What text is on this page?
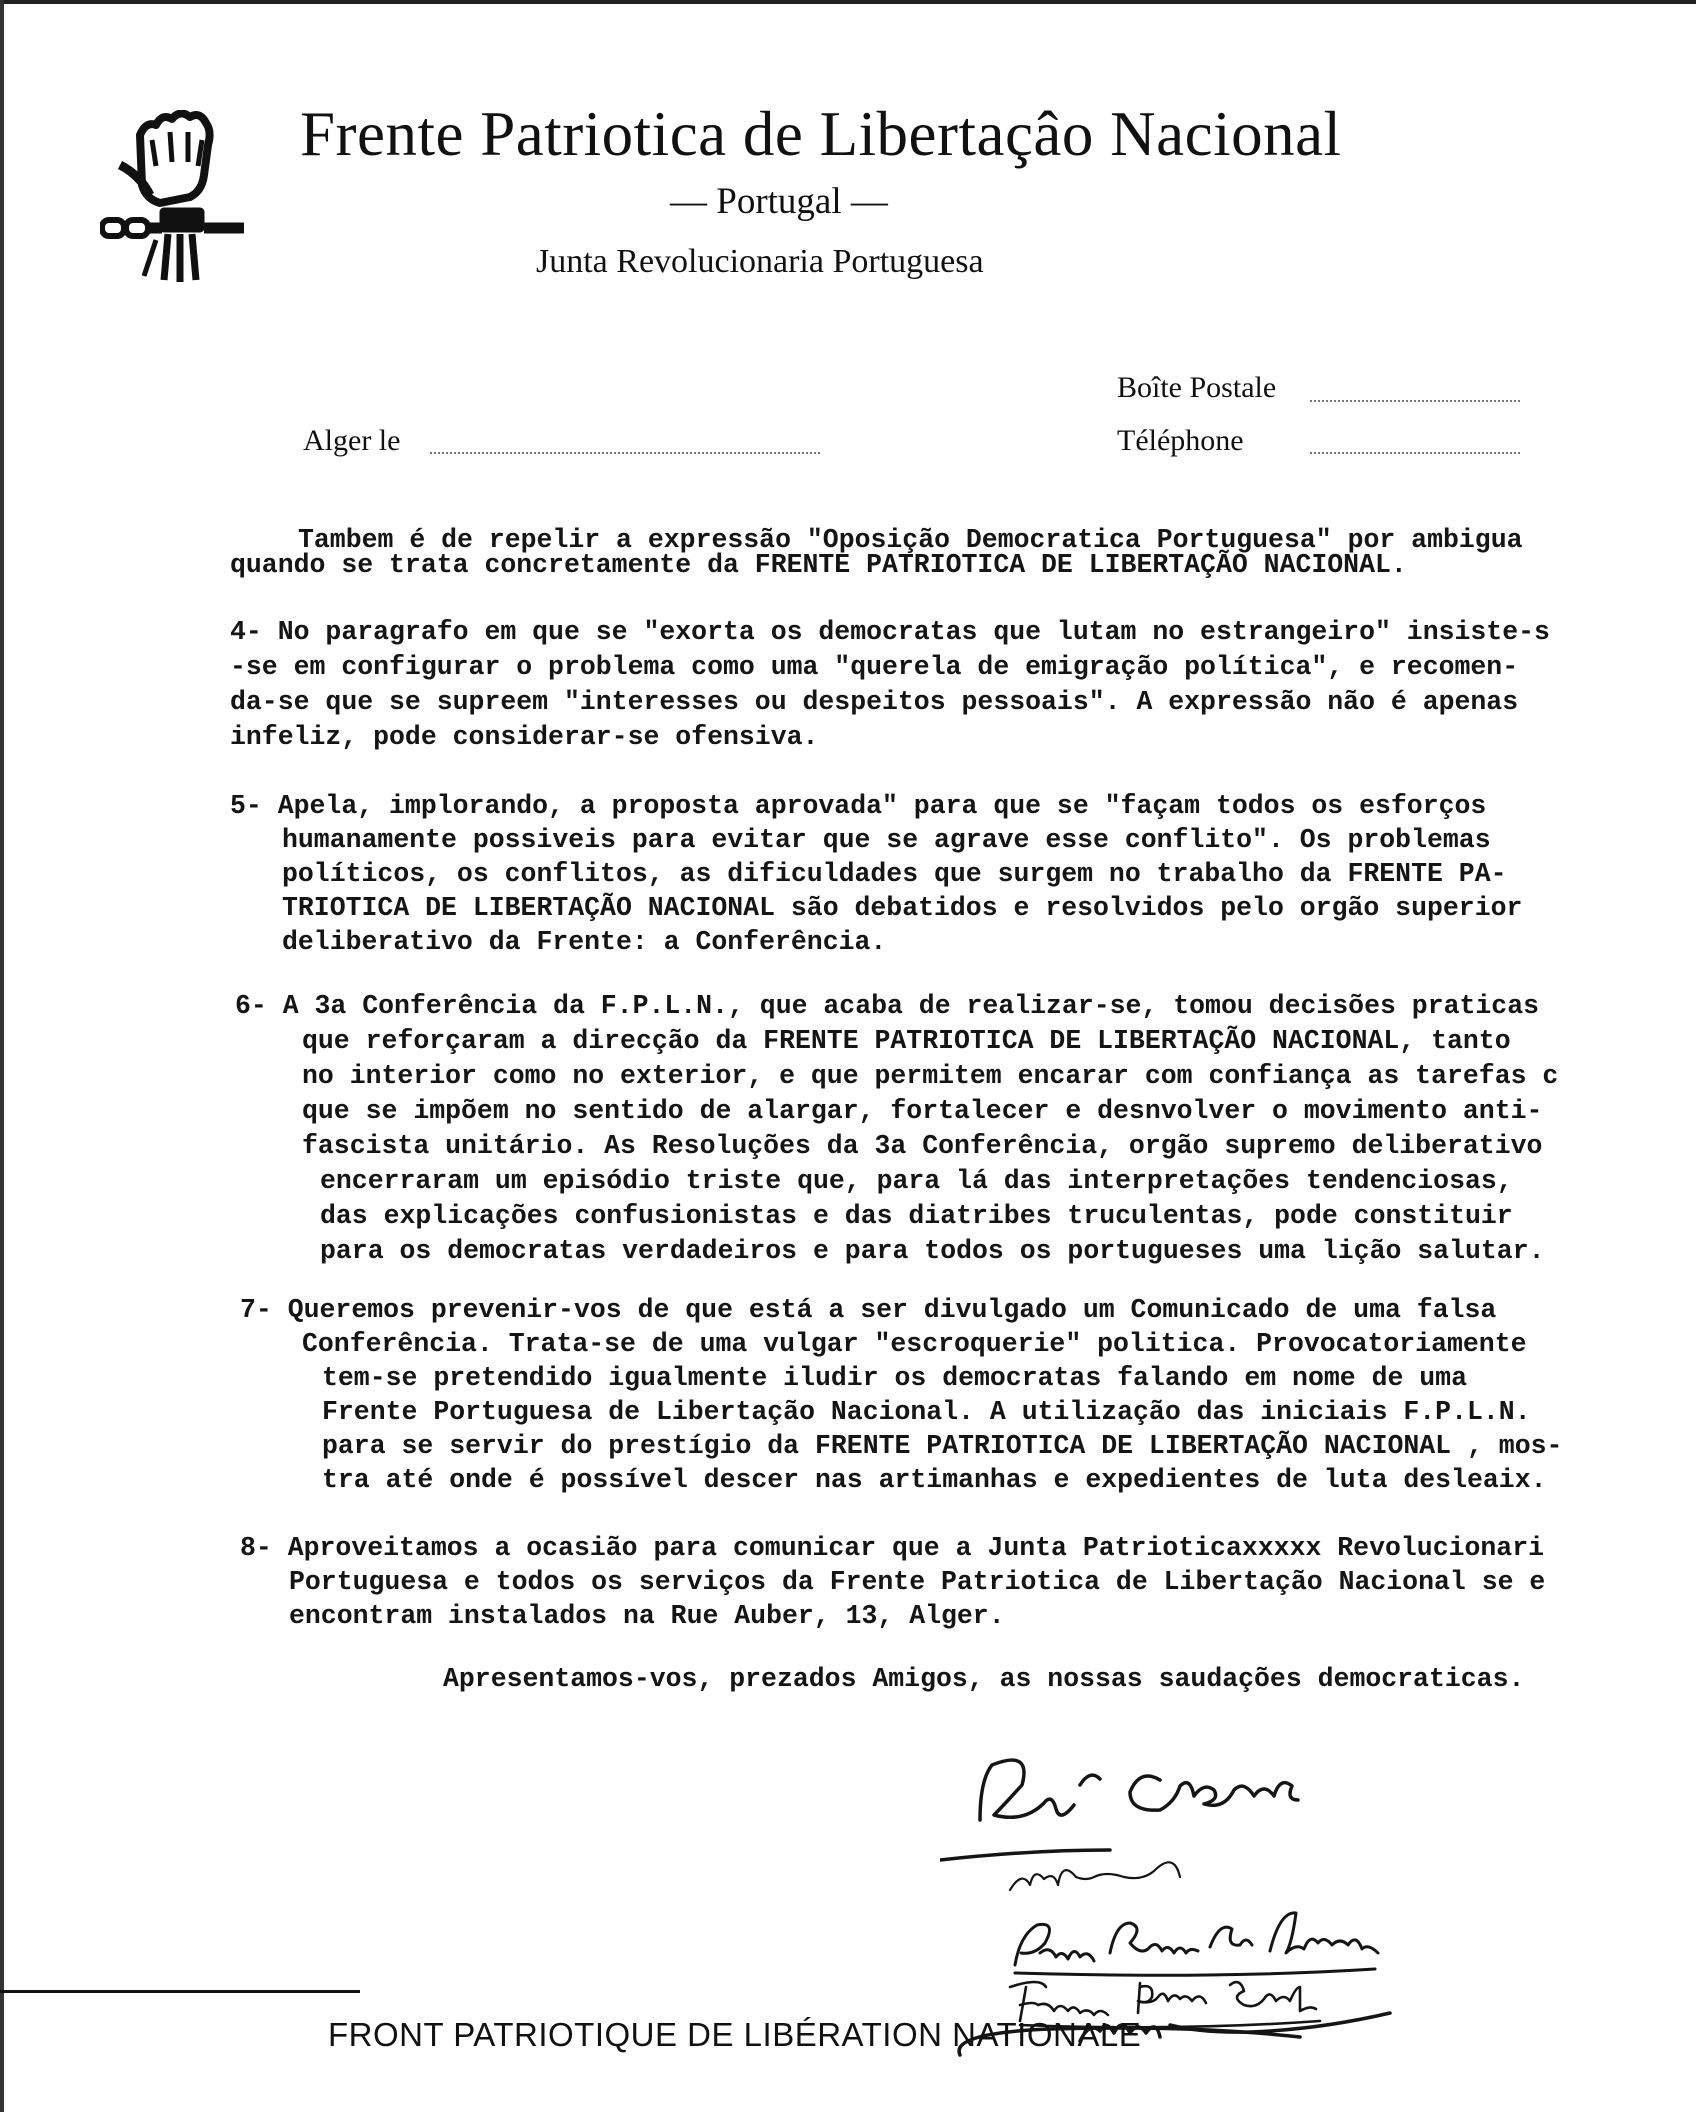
Frente Patriotica de Libertaçâo Nacional
— Portugal —
Junta Revolucionaria Portuguesa
Boîte Postale
Alger le	Téléphone
Tambem é de repelir a expressão "Oposição Democratica Portuguesa" por ambigua
quando se trata concretamente da FRENTE PATRIOTICA DE LIBERTAÇÃO NACIONAL.
4- No paragrafo em que se "exorta os democratas que lutam no estrangeiro" insiste-s
-se em configurar o problema como uma "querela de emigração política", e recomen-
da-se que se supreem "interesses ou despeitos pessoais". A expressão não é apenas
infeliz, pode considerar-se ofensiva.
5- Apela, implorando, a proposta aprovada" para que se "façam todos os esforços
humanamente possiveis para evitar que se agrave esse conflito". Os problemas
políticos, os conflitos, as dificuldades que surgem no trabalho da FRENTE PA-
TRIOTICA DE LIBERTAÇÃO NACIONAL são debatidos e resolvidos pelo orgão superior
deliberativo da Frente: a Conferência.
6- A 3a Conferência da F.P.L.N., que acaba de realizar-se, tomou decisões praticas
que reforçaram a direcção da FRENTE PATRIOTICA DE LIBERTAÇÃO NACIONAL, tanto
no interior como no exterior, e que permitem encarar com confiança as tarefas c
que se impõem no sentido de alargar, fortalecer e desnvolver o movimento anti-
fascista unitário. As Resoluções da 3a Conferência, orgão supremo deliberativo
encerraram um episódio triste que, para lá das interpretações tendenciosas,
das explicações confusionistas e das diatribes truculentas, pode constituir
para os democratas verdadeiros e para todos os portugueses uma lição salutar.
7- Queremos prevenir-vos de que está a ser divulgado um Comunicado de uma falsa
Conferência. Trata-se de uma vulgar "escroquerie" politica. Provocatoriamente
tem-se pretendido igualmente iludir os democratas falando em nome de uma
Frente Portuguesa de Libertação Nacional. A utilização das iniciais F.P.L.N.
para se servir do prestígio da FRENTE PATRIOTICA DE LIBERTAÇÃO NACIONAL , mos-
tra até onde é possível descer nas artimanhas e expedientes de luta desleaix.
8- Aproveitamos a ocasião para comunicar que a Junta Patrioticaxxxxx Revolucionari
Portuguesa e todos os serviços da Frente Patriotica de Libertação Nacional se e
encontram instalados na Rue Auber, 13, Alger.
Apresentamos-vos, prezados Amigos, as nossas saudações democraticas.
FRONT PATRIOTIQUE DE LIBÉRATION NATIONALE
